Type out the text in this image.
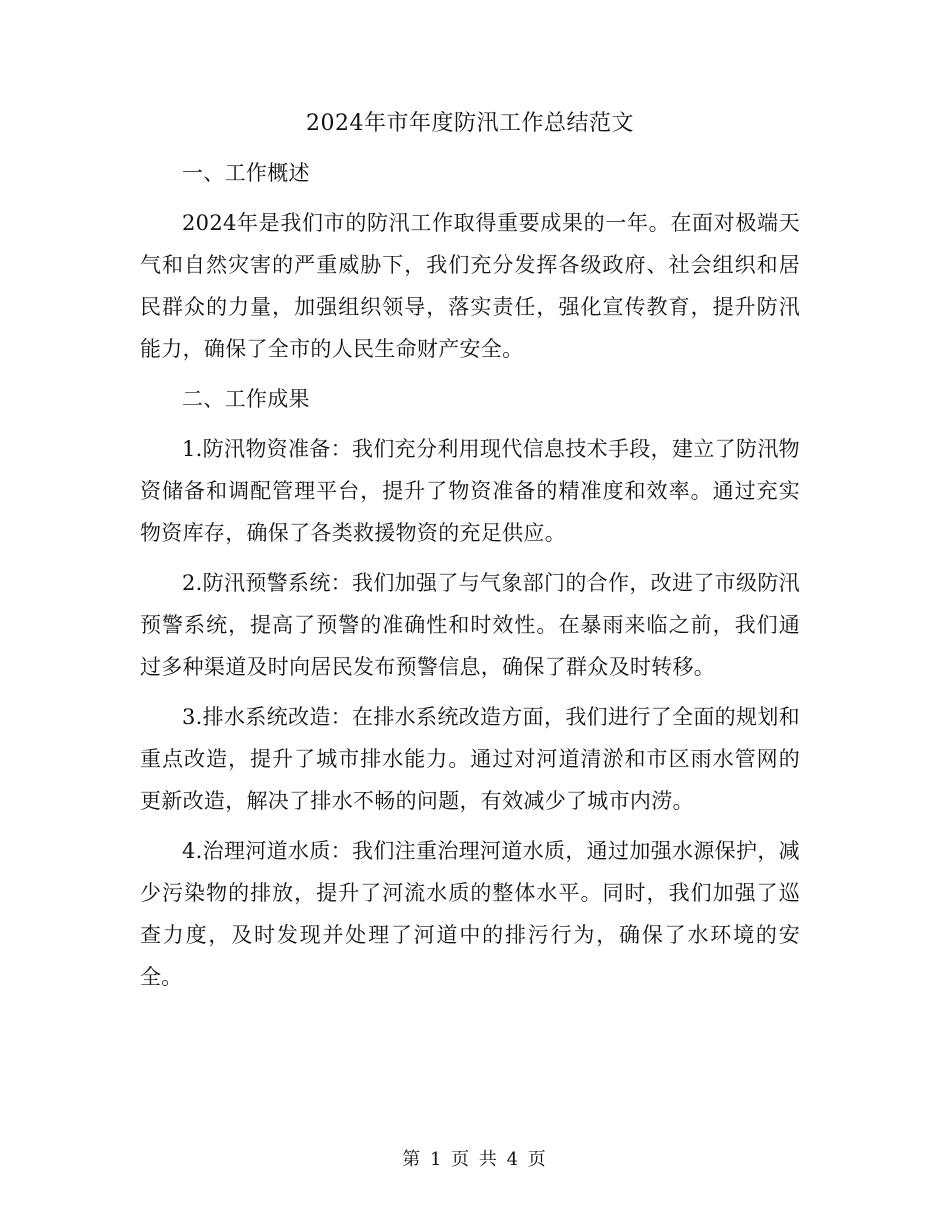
2024年市年度防汛工作总结范文

一、工作概述

2024年是我们市的防汛工作取得重要成果的一年。在面对极端天气和自然灾害的严重威胁下，我们充分发挥各级政府、社会组织和居民群众的力量，加强组织领导，落实责任，强化宣传教育，提升防汛能力，确保了全市的人民生命财产安全。

二、工作成果

1.防汛物资准备：我们充分利用现代信息技术手段，建立了防汛物资储备和调配管理平台，提升了物资准备的精准度和效率。通过充实物资库存，确保了各类救援物资的充足供应。

2.防汛预警系统：我们加强了与气象部门的合作，改进了市级防汛预警系统，提高了预警的准确性和时效性。在暴雨来临之前，我们通过多种渠道及时向居民发布预警信息，确保了群众及时转移。

3.排水系统改造：在排水系统改造方面，我们进行了全面的规划和重点改造，提升了城市排水能力。通过对河道清淤和市区雨水管网的更新改造，解决了排水不畅的问题，有效减少了城市内涝。

4.治理河道水质：我们注重治理河道水质，通过加强水源保护，减少污染物的排放，提升了河流水质的整体水平。同时，我们加强了巡查力度，及时发现并处理了河道中的排污行为，确保了水环境的安全。

第 1 页 共 4 页
